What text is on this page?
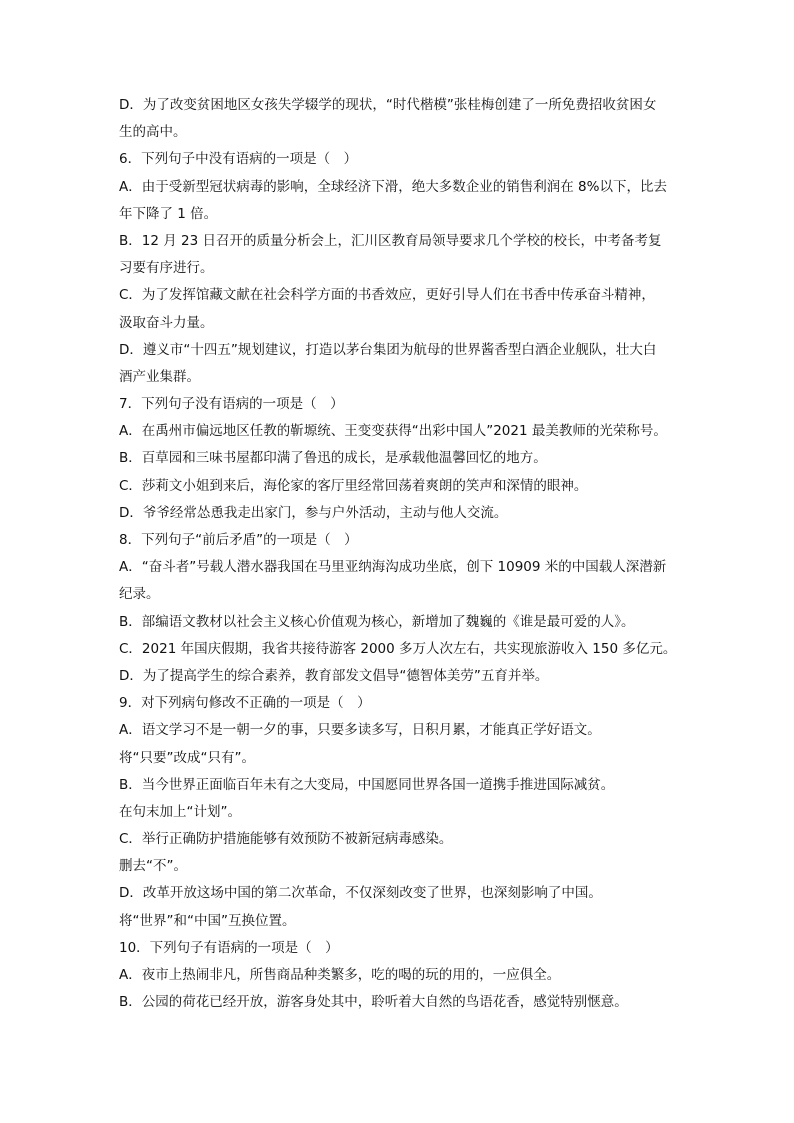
D．为了改变贫困地区女孩失学辍学的现状，“时代楷模”张桂梅创建了一所免费招收贫困女
生的高中。
6．下列句子中没有语病的一项是（　）
A．由于受新型冠状病毒的影响，全球经济下滑，绝大多数企业的销售利润在 8%以下，比去
年下降了 1 倍。
B．12 月 23 日召开的质量分析会上，汇川区教育局领导要求几个学校的校长，中考备考复
习要有序进行。
C．为了发挥馆藏文献在社会科学方面的书香效应，更好引导人们在书香中传承奋斗精神，
汲取奋斗力量。
D．遵义市“十四五”规划建议，打造以茅台集团为航母的世界酱香型白酒企业舰队，壮大白
酒产业集群。
7．下列句子没有语病的一项是（　）
A．在禹州市偏远地区任教的靳塬统、王变变获得“出彩中国人”2021 最美教师的光荣称号。
B．百草园和三味书屋都印满了鲁迅的成长，是承载他温馨回忆的地方。
C．莎莉文小姐到来后，海伦家的客厅里经常回荡着爽朗的笑声和深情的眼神。
D．爷爷经常怂恿我走出家门，参与户外活动，主动与他人交流。
8．下列句子“前后矛盾”的一项是（　）
A．“奋斗者”号载人潜水器我国在马里亚纳海沟成功坐底，创下 10909 米的中国载人深潜新
纪录。
B．部编语文教材以社会主义核心价值观为核心，新增加了魏巍的《谁是最可爱的人》。
C．2021 年国庆假期，我省共接待游客 2000 多万人次左右，共实现旅游收入 150 多亿元。
D．为了提高学生的综合素养，教育部发文倡导“德智体美劳”五育并举。
9．对下列病句修改不正确的一项是（　）
A．语文学习不是一朝一夕的事，只要多读多写，日积月累，才能真正学好语文。
将“只要”改成“只有”。
B．当今世界正面临百年未有之大变局，中国愿同世界各国一道携手推进国际减贫。
在句末加上“计划”。
C．举行正确防护措施能够有效预防不被新冠病毒感染。
删去“不”。
D．改革开放这场中国的第二次革命，不仅深刻改变了世界，也深刻影响了中国。
将“世界”和“中国”互换位置。
10．下列句子有语病的一项是（　）
A．夜市上热闹非凡，所售商品种类繁多，吃的喝的玩的用的，一应俱全。
B．公园的荷花已经开放，游客身处其中，聆听着大自然的鸟语花香，感觉特别惬意。
